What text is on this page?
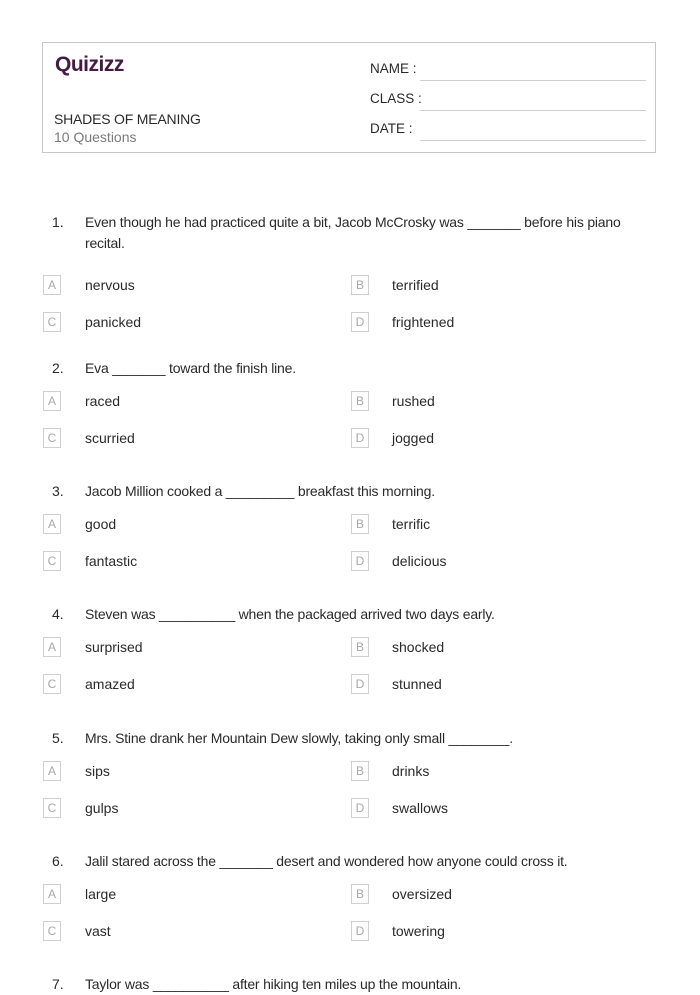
Quizizz
SHADES OF MEANING
10 Questions
NAME :
CLASS :
DATE :
1.	Even though he had practiced quite a bit, Jacob McCrosky was _______ before his piano recital.
A	nervous	B	terrified
C	panicked	D	frightened
2.	Eva _______ toward the finish line.
A	raced	B	rushed
C	scurried	D	jogged
3.	Jacob Million cooked a _________ breakfast this morning.
A	good	B	terrific
C	fantastic	D	delicious
4.	Steven was __________ when the packaged arrived two days early.
A	surprised	B	shocked
C	amazed	D	stunned
5.	Mrs. Stine drank her Mountain Dew slowly, taking only small ________.
A	sips	B	drinks
C	gulps	D	swallows
6.	Jalil stared across the _______ desert and wondered how anyone could cross it.
A	large	B	oversized
C	vast	D	towering
7.	Taylor was __________ after hiking ten miles up the mountain.
